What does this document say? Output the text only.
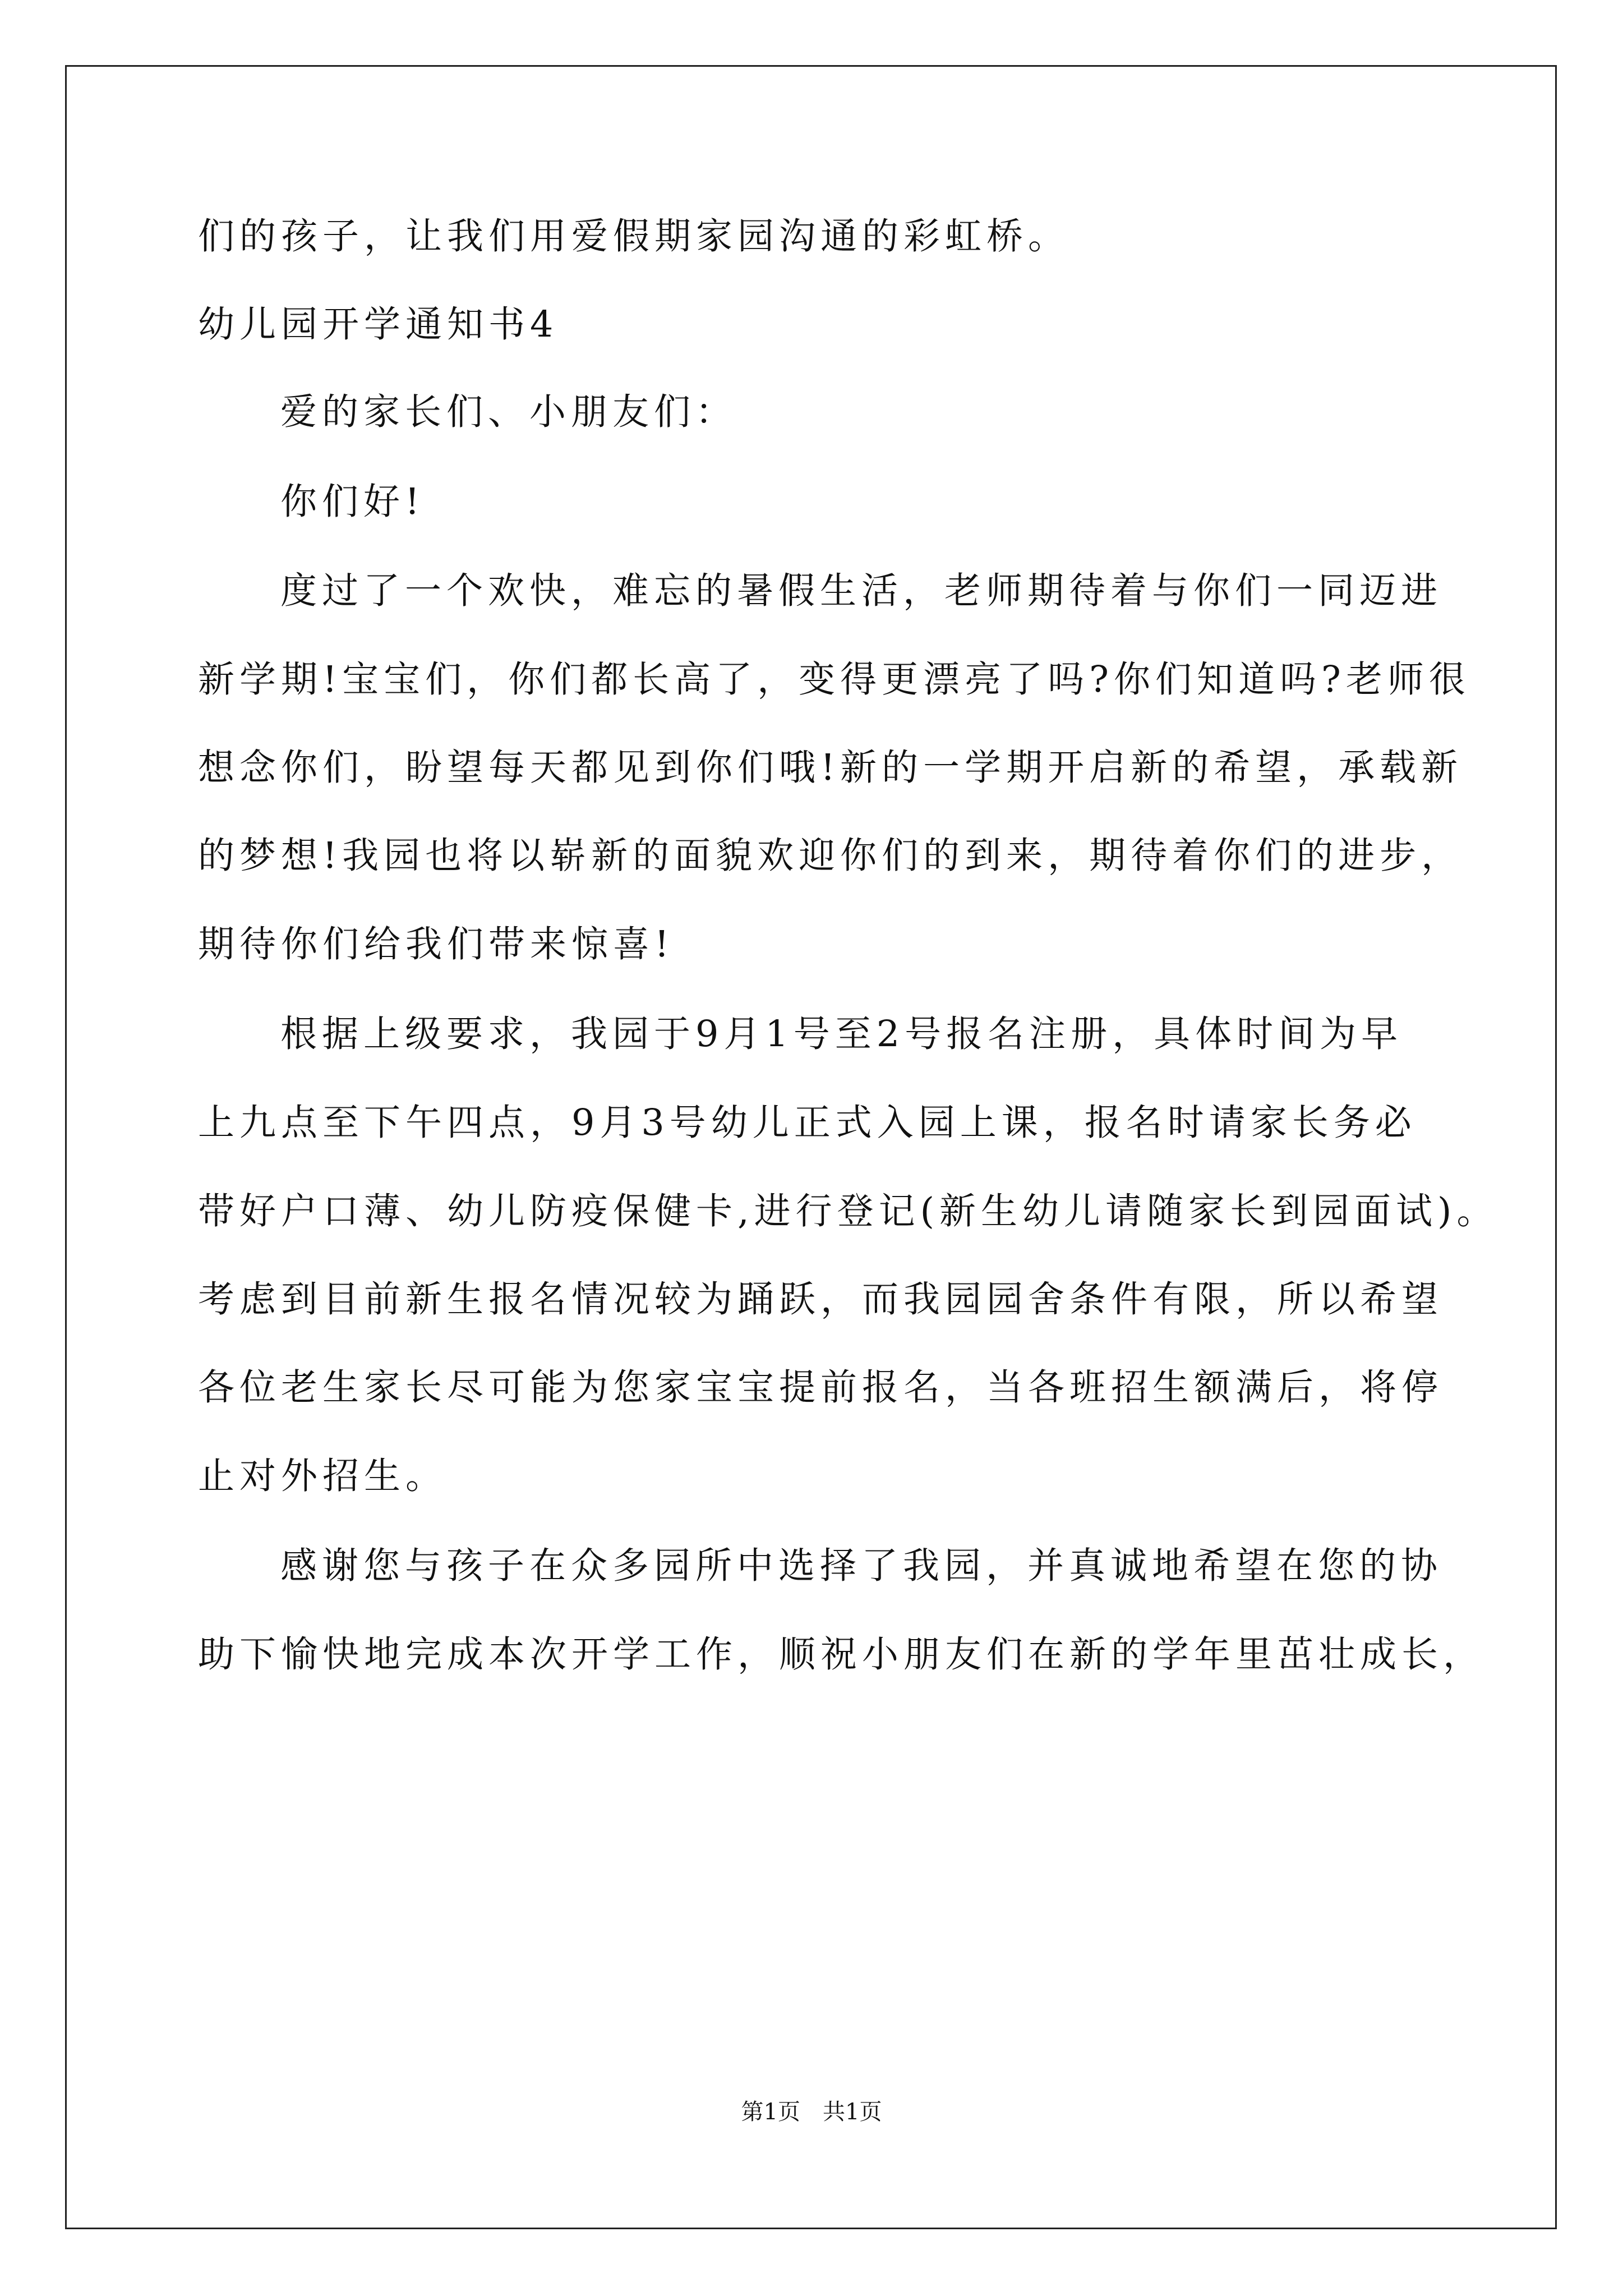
们的孩子，让我们用爱假期家园沟通的彩虹桥。
幼儿园开学通知书4
爱的家长们、小朋友们：
你们好!
度过了一个欢快，难忘的暑假生活，老师期待着与你们一同迈进
新学期!宝宝们，你们都长高了，变得更漂亮了吗?你们知道吗?老师很
想念你们，盼望每天都见到你们哦!新的一学期开启新的希望，承载新
的梦想!我园也将以崭新的面貌欢迎你们的到来，期待着你们的进步，
期待你们给我们带来惊喜!
根据上级要求，我园于9月1号至2号报名注册，具体时间为早
上九点至下午四点，9月3号幼儿正式入园上课，报名时请家长务必
带好户口薄、幼儿防疫保健卡,进行登记(新生幼儿请随家长到园面试)。
考虑到目前新生报名情况较为踊跃，而我园园舍条件有限，所以希望
各位老生家长尽可能为您家宝宝提前报名，当各班招生额满后，将停
止对外招生。
感谢您与孩子在众多园所中选择了我园，并真诚地希望在您的协
助下愉快地完成本次开学工作，顺祝小朋友们在新的学年里茁壮成长，
第1页 共1页
